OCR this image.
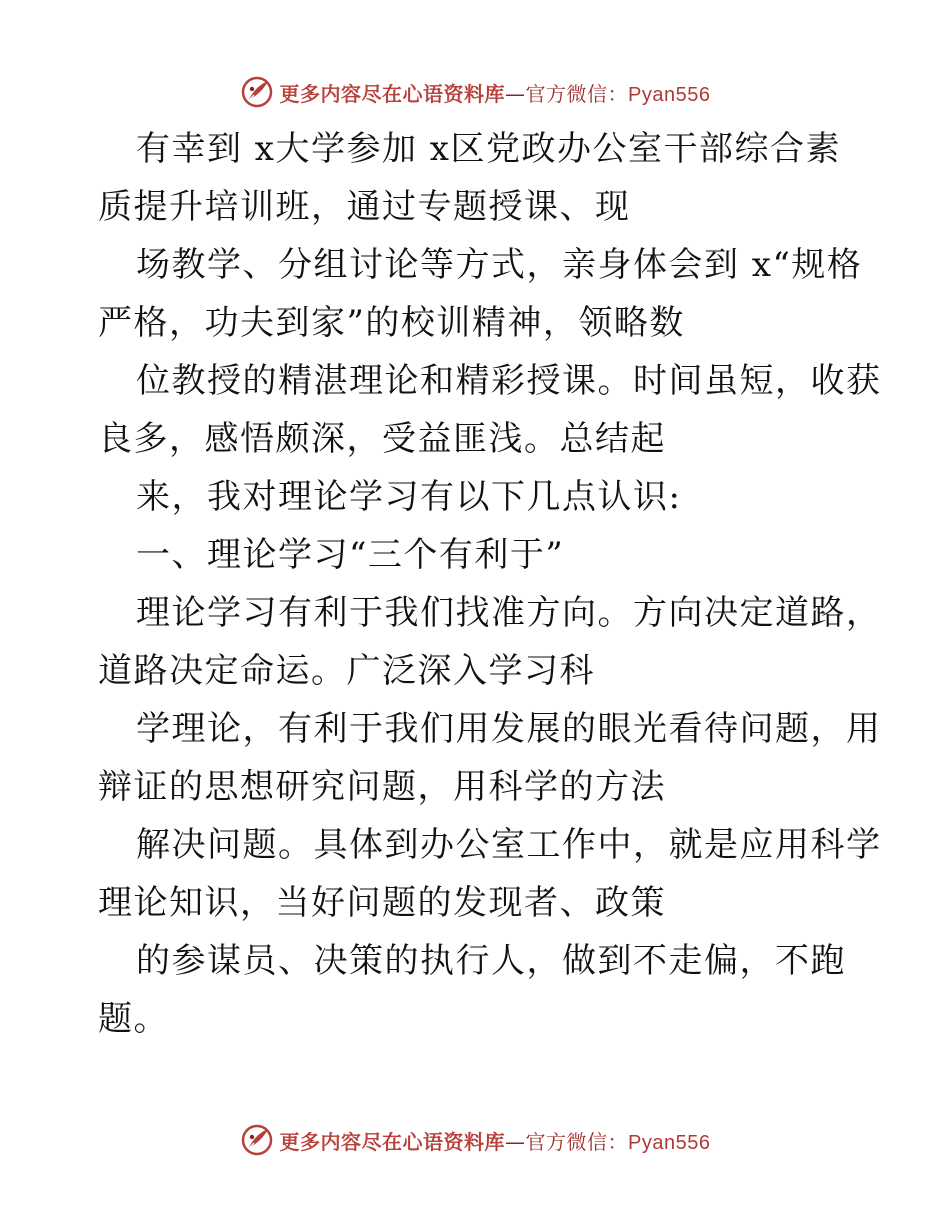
更多内容尽在心语资料库—官方微信：Pyan556
有幸到 x大学参加 x区党政办公室干部综合素
质提升培训班，通过专题授课、现
场教学、分组讨论等方式，亲身体会到 x“规格
严格，功夫到家”的校训精神，领略数
位教授的精湛理论和精彩授课。时间虽短，收获
良多，感悟颇深，受益匪浅。总结起
来，我对理论学习有以下几点认识:
一、理论学习“三个有利于”
理论学习有利于我们找准方向。方向决定道路，
道路决定命运。广泛深入学习科
学理论，有利于我们用发展的眼光看待问题，用
辩证的思想研究问题，用科学的方法
解决问题。具体到办公室工作中，就是应用科学
理论知识，当好问题的发现者、政策
的参谋员、决策的执行人，做到不走偏，不跑
题。
更多内容尽在心语资料库—官方微信：Pyan556
